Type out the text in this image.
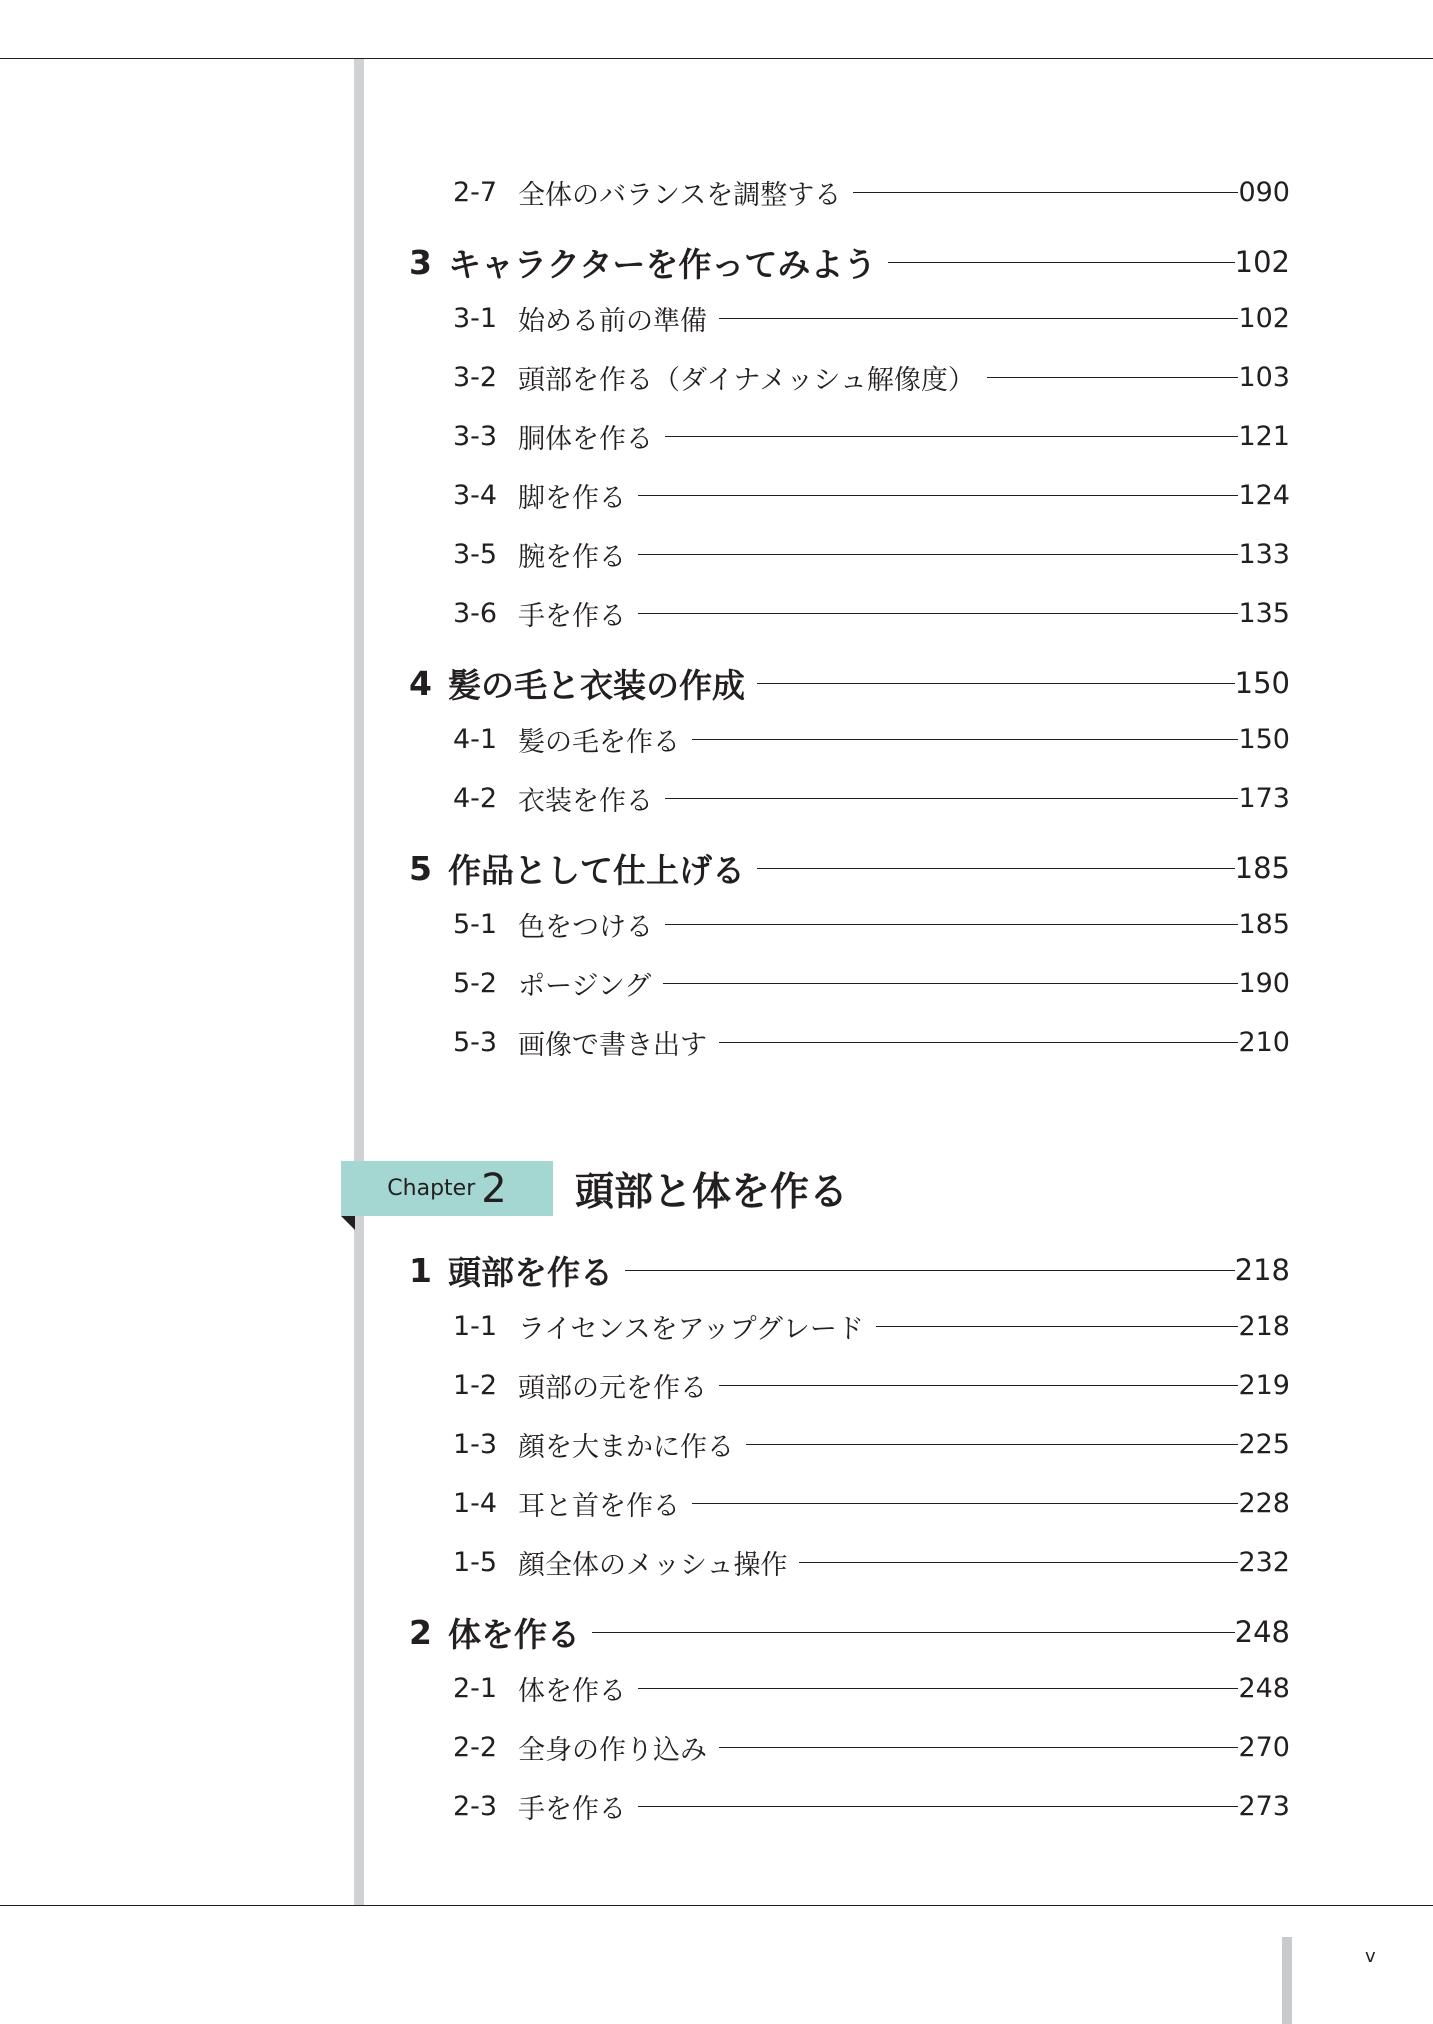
2-7 全体のバランスを調整する	090
3 キャラクターを作ってみよう	102
3-1 始める前の準備	102
3-2 頭部を作る（ダイナメッシュ解像度）	103
3-3 胴体を作る	121
3-4 脚を作る	124
3-5 腕を作る	133
3-6 手を作る	135
4 髪の毛と衣装の作成	150
4-1 髪の毛を作る	150
4-2 衣装を作る	173
5 作品として仕上げる	185
5-1 色をつける	185
5-2 ポージング	190
5-3 画像で書き出す	210
Chapter 2 頭部と体を作る
1 頭部を作る	218
1-1 ライセンスをアップグレード	218
1-2 頭部の元を作る	219
1-3 顔を大まかに作る	225
1-4 耳と首を作る	228
1-5 顔全体のメッシュ操作	232
2 体を作る	248
2-1 体を作る	248
2-2 全身の作り込み	270
2-3 手を作る	273
v
